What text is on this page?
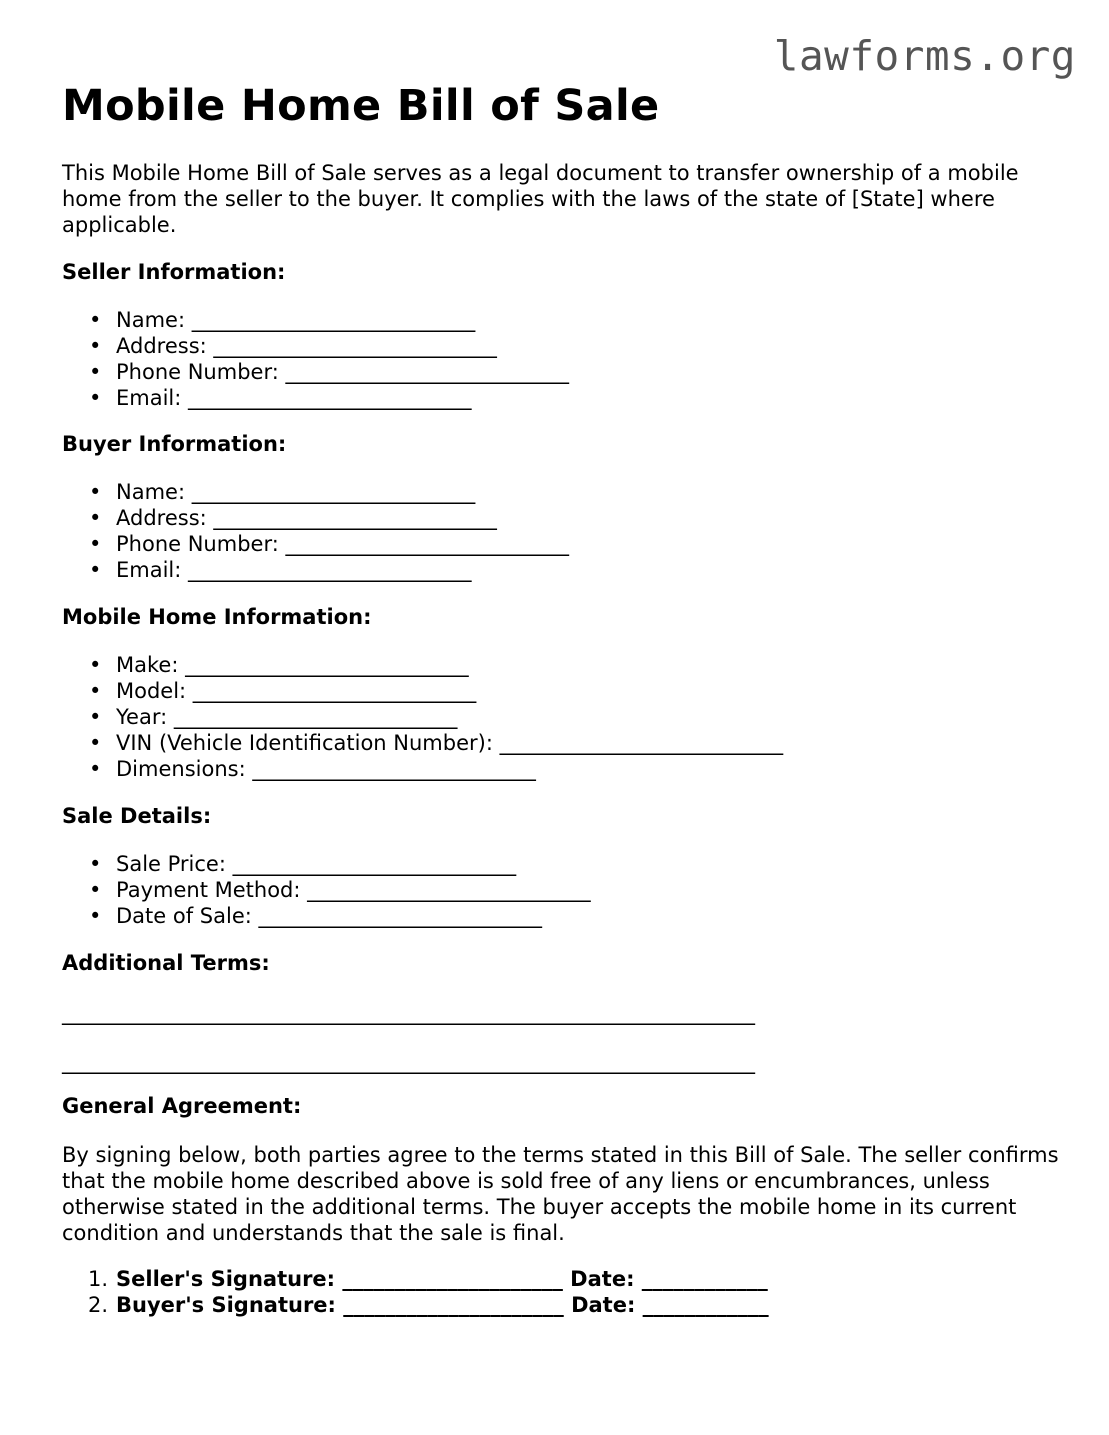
lawforms.org
Mobile Home Bill of Sale

This Mobile Home Bill of Sale serves as a legal document to transfer ownership of a mobile home from the seller to the buyer. It complies with the laws of the state of [State] where applicable.

Seller Information:
• Name: ___________________________
• Address: ___________________________
• Phone Number: ___________________________
• Email: ___________________________
Buyer Information:
• Name: ___________________________
• Address: ___________________________
• Phone Number: ___________________________
• Email: ___________________________
Mobile Home Information:
• Make: ___________________________
• Model: ___________________________
• Year: ___________________________
• VIN (Vehicle Identification Number): ___________________________
• Dimensions: ___________________________
Sale Details:
• Sale Price: ___________________________
• Payment Method: ___________________________
• Date of Sale: ___________________________
Additional Terms:
__________________________________________________________________
__________________________________________________________________
General Agreement:

By signing below, both parties agree to the terms stated in this Bill of Sale. The seller confirms that the mobile home described above is sold free of any liens or encumbrances, unless otherwise stated in the additional terms. The buyer accepts the mobile home in its current condition and understands that the sale is final.

1. Seller's Signature: _____________________ Date: ____________
2. Buyer's Signature: _____________________ Date: ____________
